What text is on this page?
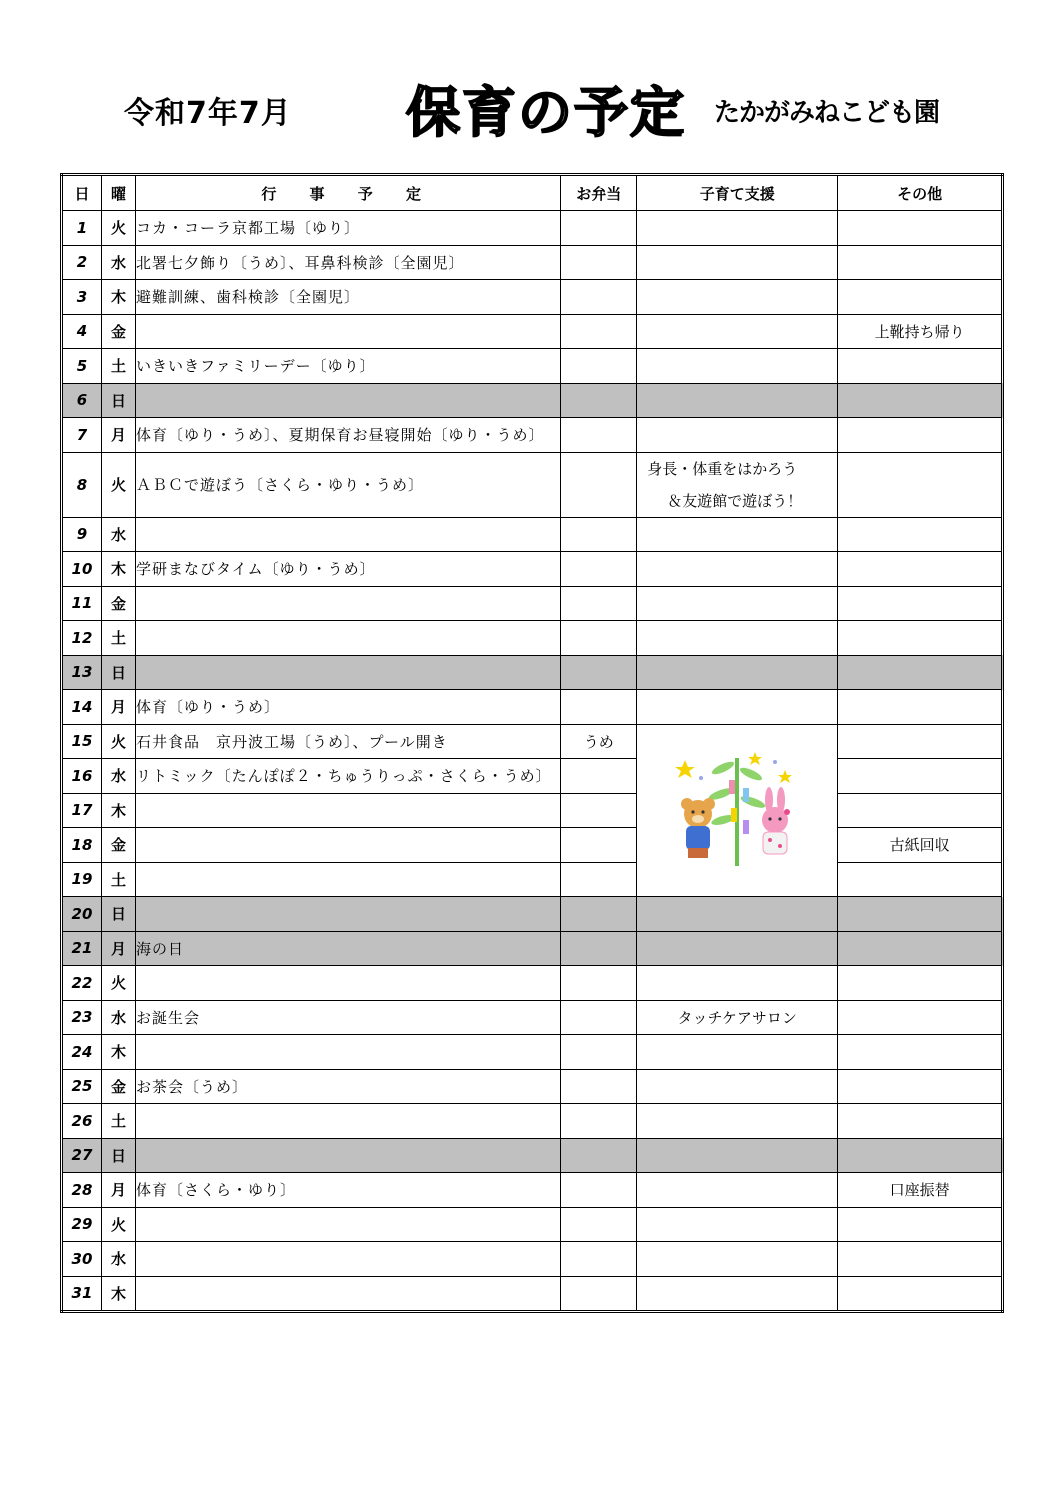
令和7年7月 保育の予定 たかがみねこども園
日	曜	行 事 予 定	お弁当	子育て支援	その他
1	火	コカ・コーラ京都工場〔ゆり〕			
2	水	北署七夕飾り〔うめ〕、耳鼻科検診〔全園児〕			
3	木	避難訓練、歯科検診〔全園児〕			
4	金				上靴持ち帰り
5	土	いきいきファミリーデー〔ゆり〕			
6	日				
7	月	体育〔ゆり・うめ〕、夏期保育お昼寝開始〔ゆり・うめ〕			
8	火	ＡＢＣで遊ぼう〔さくら・ゆり・うめ〕		身長・体重をはかろう
＆友遊館で遊ぼう！	

9	水				
10	木	学研まなびタイム〔ゆり・うめ〕			
11	金				
12	土				
13	日				
14	月	体育〔ゆり・うめ〕			
15	火	石井食品　京丹波工場〔うめ〕、プール開き	うめ		
16	水	リトミック〔たんぽぽ２・ちゅうりっぷ・さくら・うめ〕			
17	木				
18	金				古紙回収
19	土				
20	日				
21	月	海の日			
22	火				
23	水	お誕生会		タッチケアサロン	
24	木				
25	金	お茶会〔うめ〕			
26	土				
27	日				
28	月	体育〔さくら・ゆり〕			口座振替
29	火				
30	水				
31	木				
